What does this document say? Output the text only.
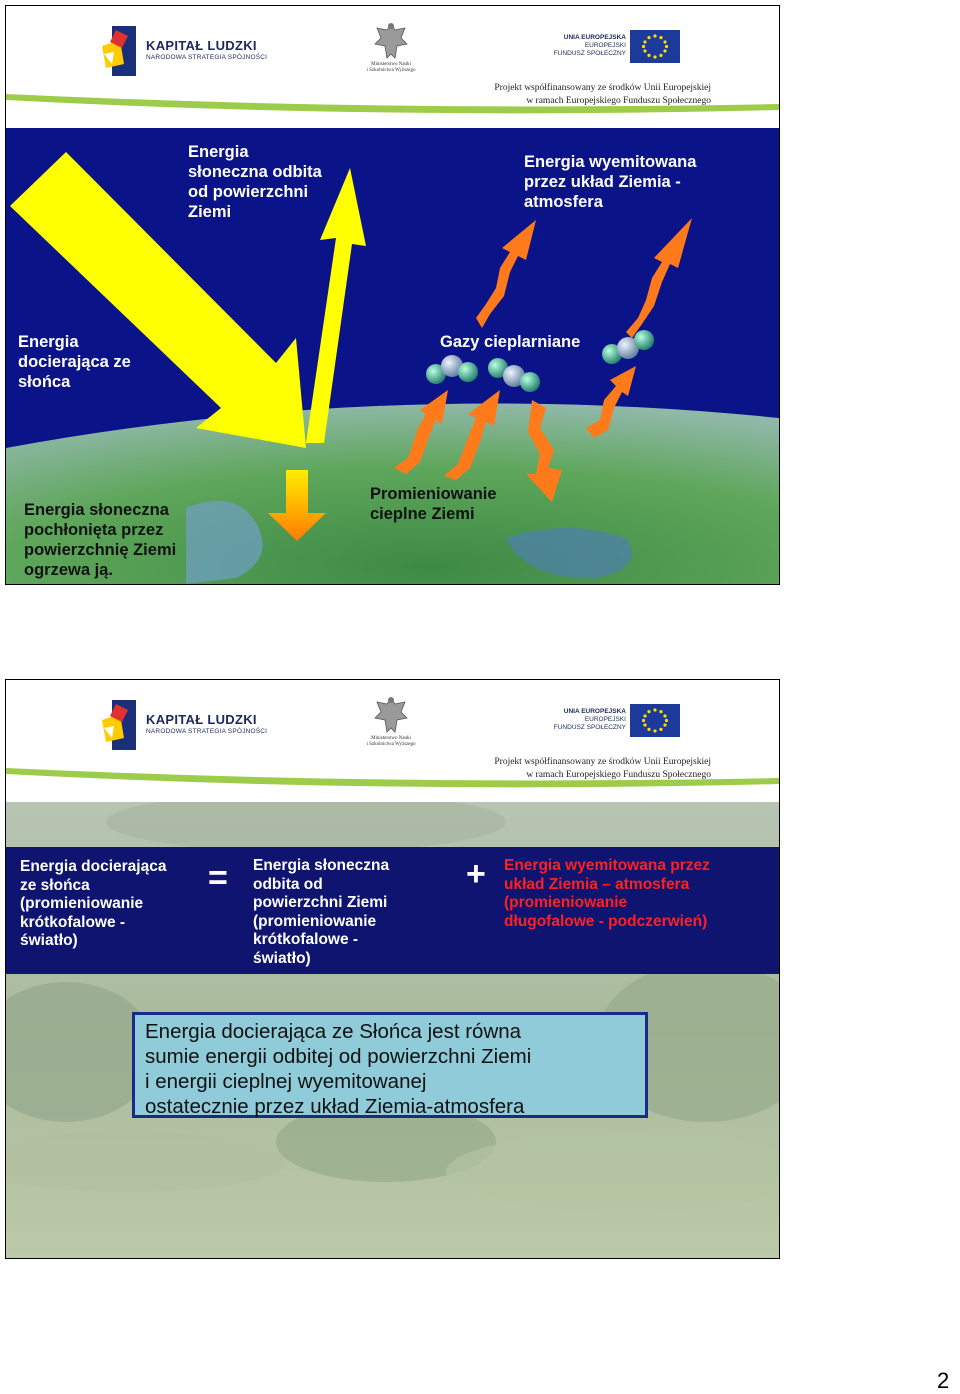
KAPITAŁ LUDZKI
NARODOWA STRATEGIA SPÓJNOŚCI
Ministerstwo Nauki
i Szkolnictwa Wyższego
UNIA EUROPEJSKA
EUROPEJSKI
FUNDUSZ SPOŁECZNY
Projekt współfinansowany ze środków Unii Europejskiej
w ramach Europejskiego Funduszu Społecznego
Energia
słoneczna odbita
od powierzchni
Ziemi
Energia wyemitowana
przez układ Ziemia -
atmosfera
Energia
docierająca ze
słońca
Gazy cieplarniane
Energia słoneczna
pochłonięta przez
powierzchnię Ziemi
ogrzewa ją.
Promieniowanie
cieplne Ziemi
KAPITAŁ LUDZKI
NARODOWA STRATEGIA SPÓJNOŚCI
Ministerstwo Nauki
i Szkolnictwa Wyższego
UNIA EUROPEJSKA
EUROPEJSKI
FUNDUSZ SPOŁECZNY
Projekt współfinansowany ze środków Unii Europejskiej
w ramach Europejskiego Funduszu Społecznego
Energia docierająca
ze słońca
(promieniowanie
krótkofalowe -
światło)
= Energia słoneczna
odbita od
powierzchni Ziemi
(promieniowanie
krótkofalowe -
światło)
+ Energia wyemitowana przez
układ Ziemia – atmosfera
(promieniowanie
długofalowe - podczerwień)
Energia docierająca ze Słońca jest równa
sumie energii odbitej od powierzchni Ziemi
i energii cieplnej wyemitowanej
ostatecznie przez układ Ziemia-atmosfera
2
